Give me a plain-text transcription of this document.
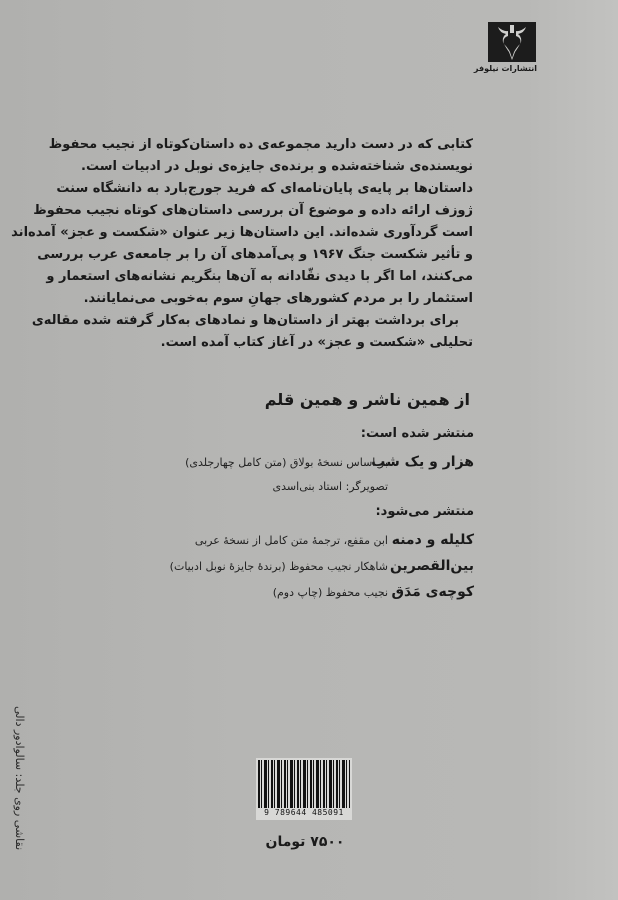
انتشارات نیلوفر
کتابی که در دست دارید مجموعه‌ی ده داستان‌کوتاه از نجیب محفوظ
نویسنده‌ی شناخته‌شده و برنده‌ی جایزه‌ی نوبل در ادبیات است.
داستان‌ها بر پایه‌ی پایان‌نامه‌ای که فرید جورج‌بارد به دانشگاه سنت
ژوزف ارائه داده و موضوع آن بررسی داستان‌های کوتاه نجیب محفوظ
است گردآوری شده‌اند. این داستان‌ها زیر عنوان «شکست و عجز» آمده‌اند
و تأثیر شکست جنگ ۱۹۶۷ و پی‌آمدهای آن را بر جامعه‌ی عرب بررسی
می‌کنند، اما اگر با دیدی نقّادانه به آن‌ها بنگریم نشانه‌های استعمار و
استثمار را بر مردم کشورهای جهانِ سوم به‌خوبی می‌نمایانند.
برای برداشت بهتر از داستان‌ها و نمادهای به‌کار گرفته شده مقاله‌ی
تحلیلی «شکست و عجز» در آغاز کتاب آمده است.
از همین ناشر و همین قلم
منتشر شده است:
هزار و یک شب
بر اساس نسخهٔ بولاق (متن کامل چهارجلدی)
تصویرگر: استاد بنی‌اسدی
منتشر می‌شود:
کلیله و دمنه
ابن مقفع، ترجمهٔ متن کامل از نسخهٔ عربی
بین‌القصرین
شاهکار نجیب محفوظ (برندهٔ جایزهٔ نوبل ادبیات)
کوچه‌ی مَدَق
نجیب محفوظ (چاپ دوم)
نقاشی روی جلد: سالوادور دالی	9 789644 485091
۷۵۰۰ تومان
